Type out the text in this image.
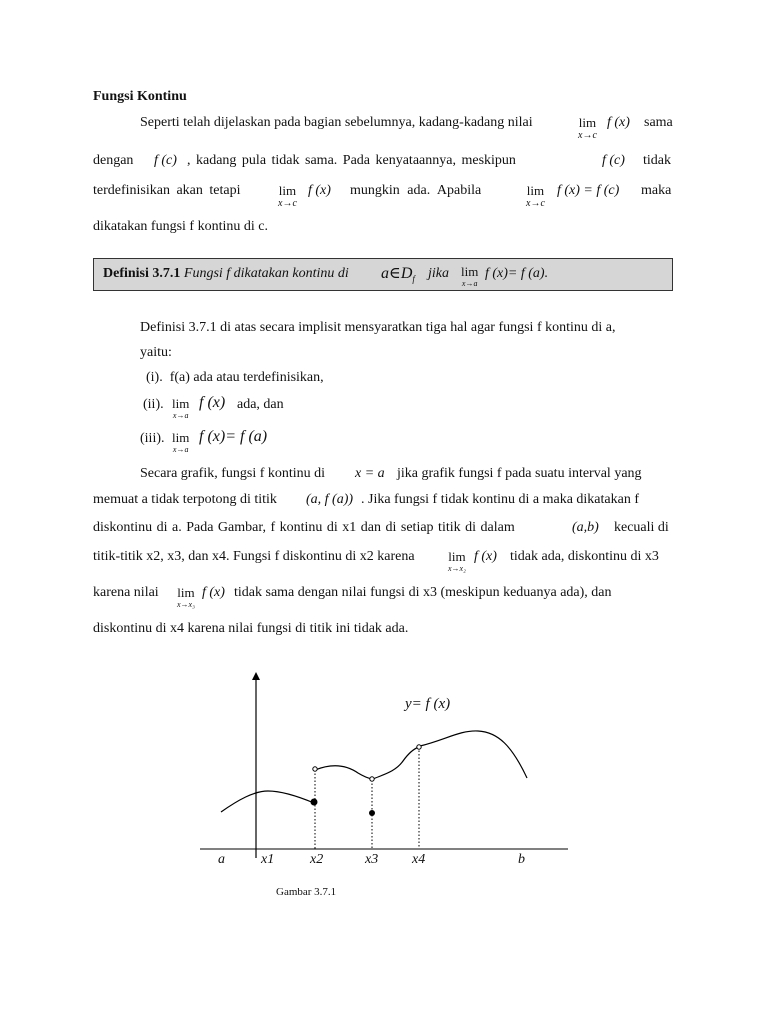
Fungsi Kontinu
Seperti telah dijelaskan pada bagian sebelumnya, kadang-kadang nilai	lim
x→c
f (x) sama
dengan f (c) , kadang pula tidak sama. Pada kenyataannya, meskipun	f (c) tidak
terdefinisikan akan tetapi	lim
x→c
f (x) mungkin ada. Apabila	lim
x→c
f (x) = f (c) maka
dikatakan fungsi f kontinu di c.
Definisi 3.7.1 Fungsi f dikatakan kontinu di $a\in D_f$ jika lim
x→a
f (x)= f (a).
Definisi 3.7.1 di atas secara implisit mensyaratkan tiga hal agar fungsi f kontinu di a,
yaitu:
(i). f(a) ada atau terdefinisikan,
(ii). lim
x→a
f (x) ada, dan
(iii). lim
x→a
f (x)= f (a)
Secara grafik, fungsi f kontinu di x = a jika grafik fungsi f pada suatu interval yang
memuat a tidak terpotong di titik (a, f (a)) . Jika fungsi f tidak kontinu di a maka dikatakan f
diskontinu di a. Pada Gambar, f kontinu di x1 dan di setiap titik di dalam	(a,b) kecuali di
titik-titik x2, x3, dan x4. Fungsi f diskontinu di x2 karena	lim
x→x₂
f (x) tidak ada, diskontinu di x3
karena nilai lim
x→x₃
f (x) tidak sama dengan nilai fungsi di x3 (meskipun keduanya ada), dan
diskontinu di x4 karena nilai fungsi di titik ini tidak ada.
y= f (x)
a	x1	x2	x3 x4	b
Gambar 3.7.1
